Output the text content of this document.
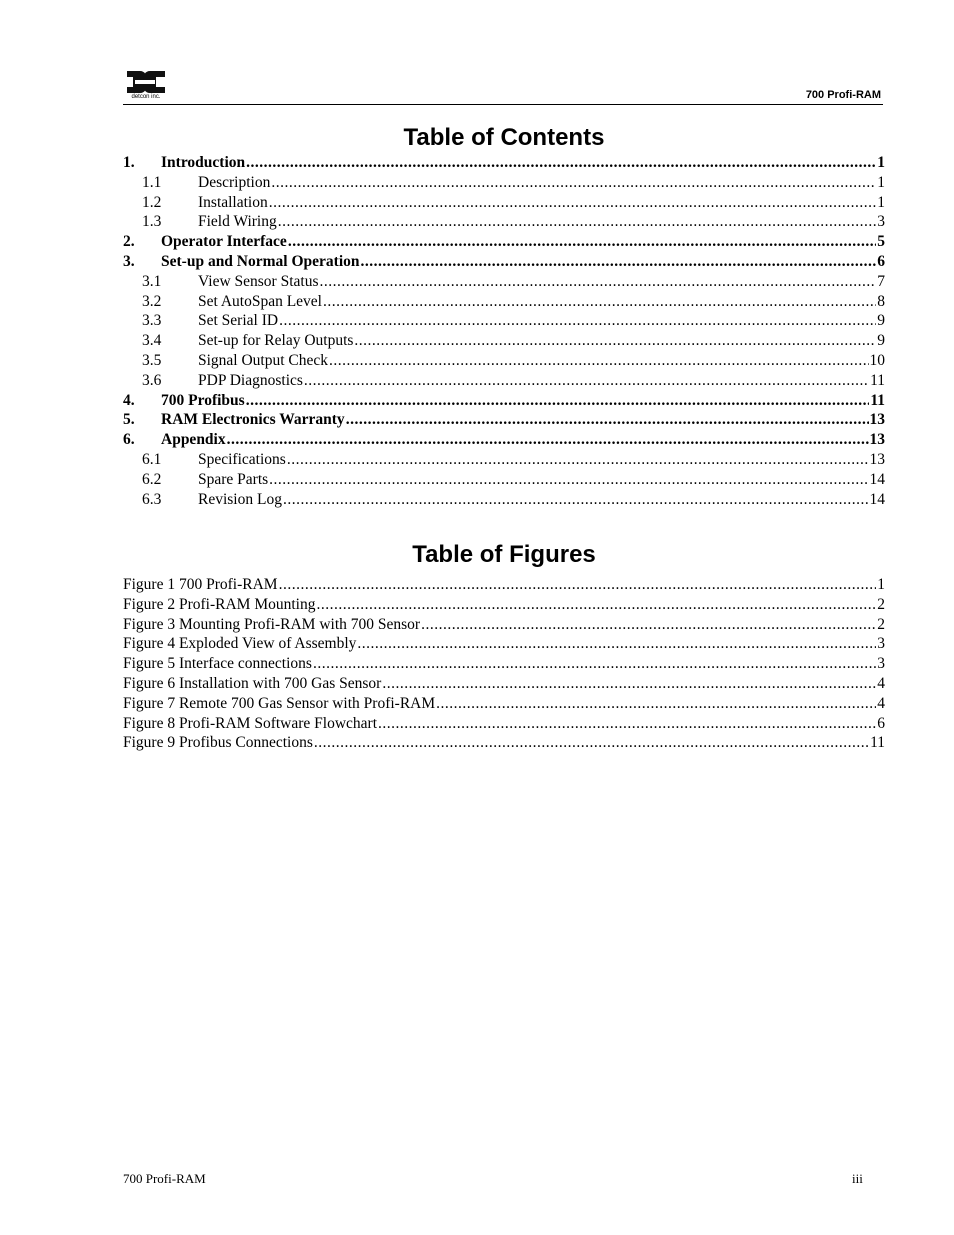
detcon inc.	700 Profi-RAM
Table of Contents
1.	Introduction .....	1
1.1	Description .....	1
1.2	Installation .....	1
1.3	Field Wiring .....	3
2.	Operator Interface .....	5
3.	Set-up and Normal Operation .....	6
3.1	View Sensor Status .....	7
3.2	Set AutoSpan Level .....	8
3.3	Set Serial ID .....	9
3.4	Set-up for Relay Outputs .....	9
3.5	Signal Output Check .....	10
3.6	PDP Diagnostics .....	11
4.	700 Profibus .....	11
5.	RAM Electronics Warranty .....	13
6.	Appendix .....	13
6.1	Specifications .....	13
6.2	Spare Parts .....	14
6.3	Revision Log .....	14
Table of Figures
Figure 1 700 Profi-RAM .....	1
Figure 2 Profi-RAM Mounting .....	2
Figure 3 Mounting Profi-RAM with 700 Sensor .....	2
Figure 4 Exploded View of Assembly .....	3
Figure 5 Interface connections .....	3
Figure 6 Installation with 700 Gas Sensor .....	4
Figure 7 Remote 700 Gas Sensor with Profi-RAM .....	4
Figure 8 Profi-RAM Software Flowchart .....	6
Figure 9 Profibus Connections .....	11
700 Profi-RAM	iii
